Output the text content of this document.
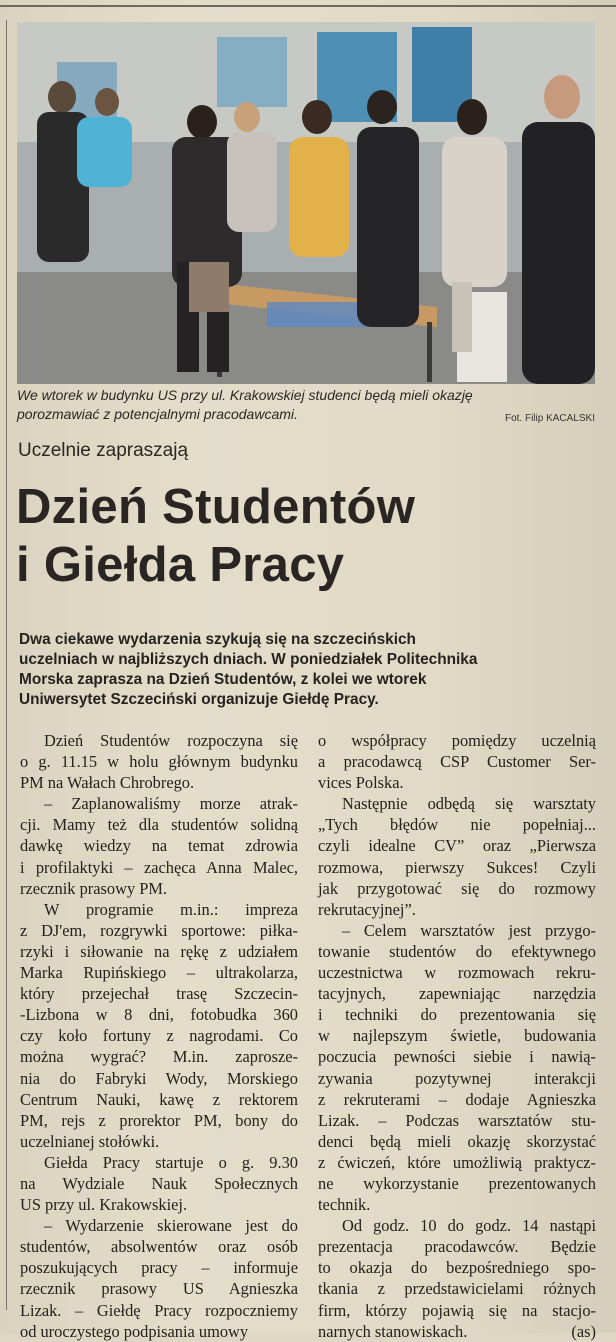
We wtorek w budynku US przy ul. Krakowskiej studenci będą mieli okazję
porozmawiać z potencjalnymi pracodawcami.	Fot. Filip KACALSKI
Uczelnie zapraszają
Dzień Studentów
i Giełda Pracy
Dwa ciekawe wydarzenia szykują się na szczecińskich
uczelniach w najbliższych dniach. W poniedziałek Politechnika
Morska zaprasza na Dzień Studentów, z kolei we wtorek
Uniwersytet Szczeciński organizuje Giełdę Pracy.
Dzień Studentów rozpoczyna się
o g. 11.15 w holu głównym budynku
PM na Wałach Chrobrego.
– Zaplanowaliśmy morze atrak-
cji. Mamy też dla studentów solidną
dawkę wiedzy na temat zdrowia
i profilaktyki – zachęca Anna Malec,
rzecznik prasowy PM.
W programie m.in.: impreza
z DJ'em, rozgrywki sportowe: piłka-
rzyki i siłowanie na rękę z udziałem
Marka Rupińskiego – ultrakolarza,
który przejechał trasę Szczecin-
-Lizbona w 8 dni, fotobudka 360
czy koło fortuny z nagrodami. Co
można wygrać? M.in. zaprosze-
nia do Fabryki Wody, Morskiego
Centrum Nauki, kawę z rektorem
PM, rejs z prorektor PM, bony do
uczelnianej stołówki.
Giełda Pracy startuje o g. 9.30
na Wydziale Nauk Społecznych
US przy ul. Krakowskiej.
– Wydarzenie skierowane jest do
studentów, absolwentów oraz osób
poszukujących pracy – informuje
rzecznik prasowy US Agnieszka
Lizak. – Giełdę Pracy rozpoczniemy
od uroczystego podpisania umowy
o współpracy pomiędzy uczelnią
a pracodawcą CSP Customer Ser-
vices Polska.
Następnie odbędą się warsztaty
„Tych błędów nie popełniaj...
czyli idealne CV” oraz „Pierwsza
rozmowa, pierwszy Sukces! Czyli
jak przygotować się do rozmowy
rekrutacyjnej”.
– Celem warsztatów jest przygo-
towanie studentów do efektywnego
uczestnictwa w rozmowach rekru-
tacyjnych, zapewniając narzędzia
i techniki do prezentowania się
w najlepszym świetle, budowania
poczucia pewności siebie i nawią-
zywania pozytywnej interakcji
z rekruterami – dodaje Agnieszka
Lizak. – Podczas warsztatów stu-
denci będą mieli okazję skorzystać
z ćwiczeń, które umożliwią praktycz-
ne wykorzystanie prezentowanych
technik.
Od godz. 10 do godz. 14 nastąpi
prezentacja pracodawców. Będzie
to okazja do bezpośredniego spo-
tkania z przedstawicielami różnych
firm, którzy pojawią się na stacjo-
narnych stanowiskach.	(as)
